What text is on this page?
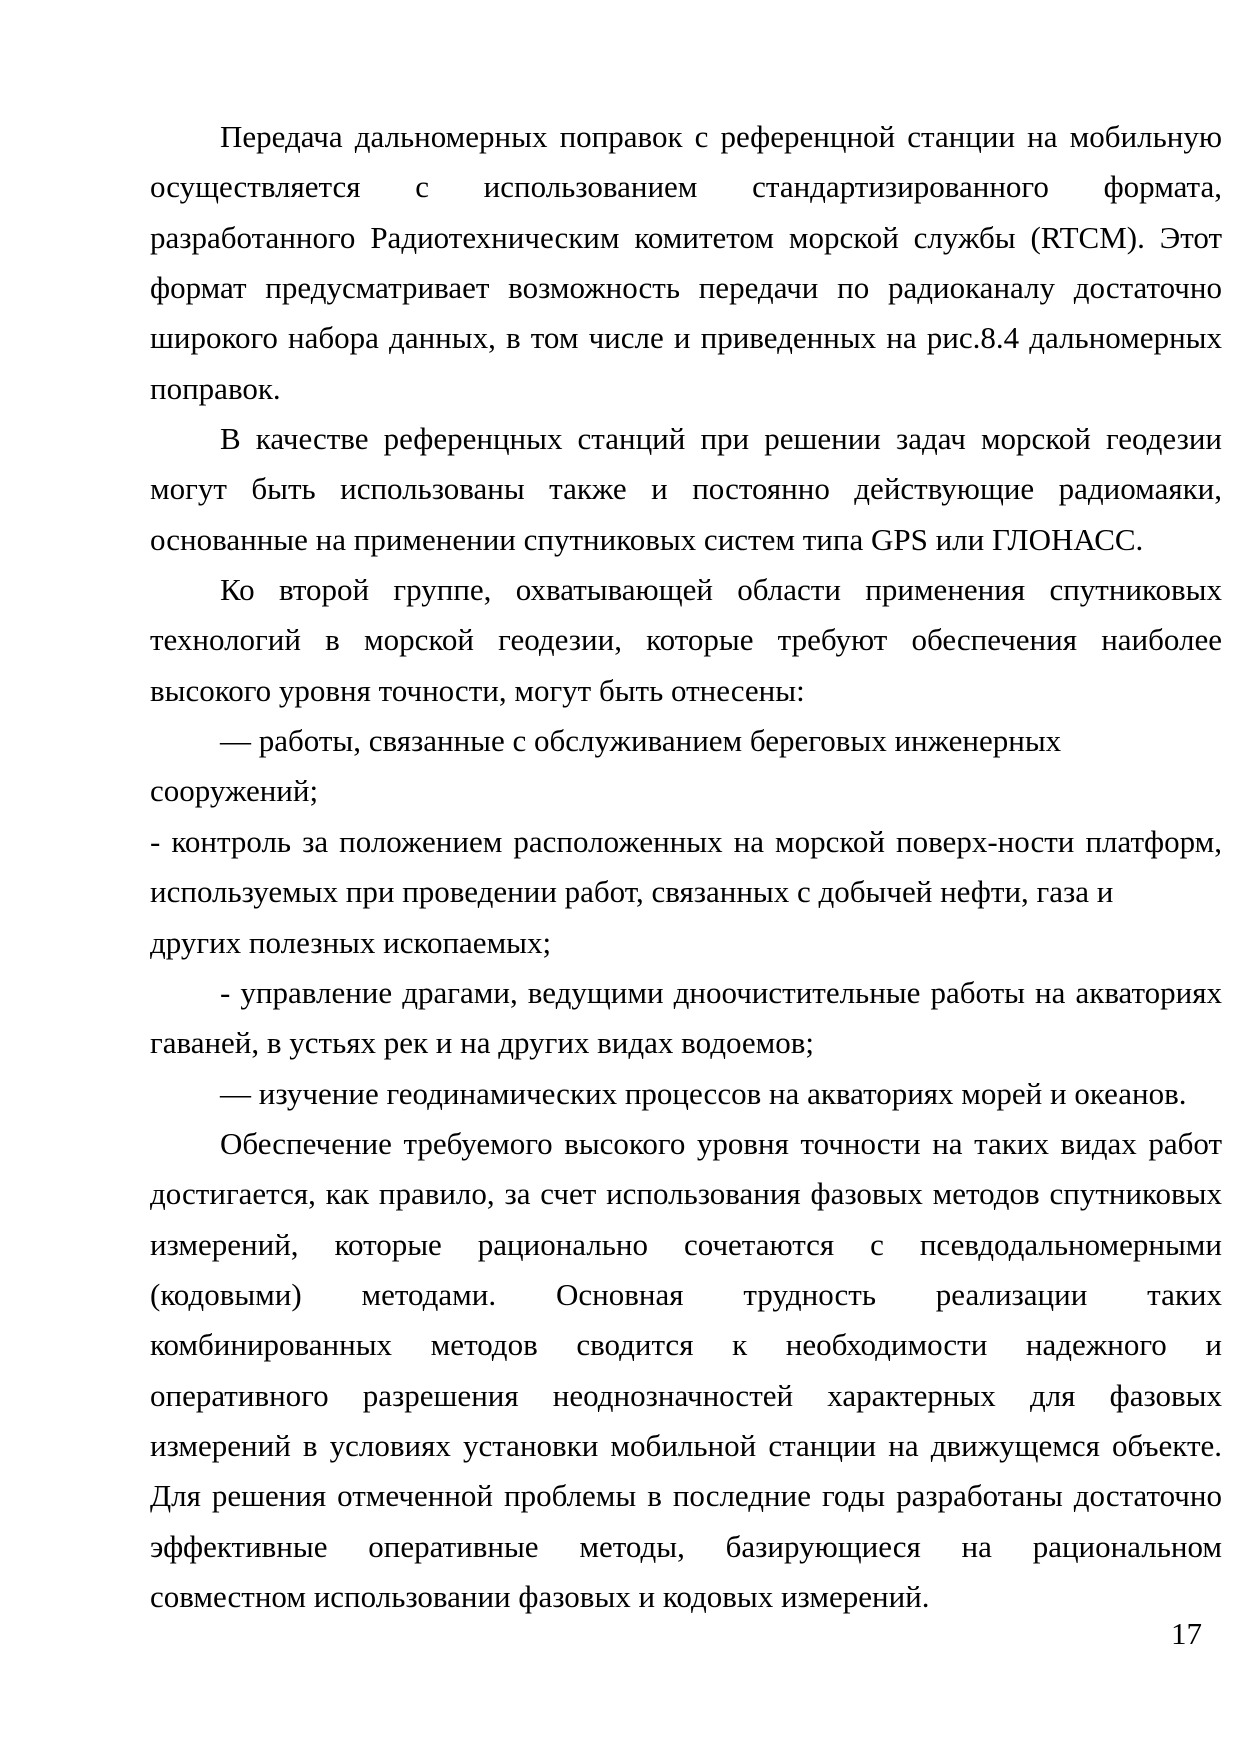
Передача дальномерных поправок с референцной станции на мобильную
осуществляется с использованием стандартизированного формата,
разработанного Радиотехническим комитетом морской службы (RTCM). Этот
формат предусматривает возможность передачи по радиоканалу достаточно
широкого набора данных, в том числе и приведенных на рис.8.4 дальномерных
поправок.
В качестве референцных станций при решении задач морской геодезии
могут быть использованы также и постоянно действующие радиомаяки,
основанные на применении спутниковых систем типа GPS или ГЛОНАСС.
Ко второй группе, охватывающей области применения спутниковых
технологий в морской геодезии, которые требуют обеспечения наиболее
высокого уровня точности, могут быть отнесены:
— работы, связанные с обслуживанием береговых инженерных
сооружений;
- контроль за положением расположенных на морской поверх-ности платформ,
используемых при проведении работ, связанных с добычей нефти, газа и
других полезных ископаемых;
- управление драгами, ведущими дноочистительные работы на акваториях
гаваней, в устьях рек и на других видах водоемов;
— изучение геодинамических процессов на акваториях морей и океанов.
Обеспечение требуемого высокого уровня точности на таких видах работ
достигается, как правило, за счет использования фазовых методов спутниковых
измерений, которые рационально сочетаются с псевдодальномерными
(кодовыми) методами. Основная трудность реализации таких
комбинированных методов сводится к необходимости надежного и
оперативного разрешения неоднозначностей характерных для фазовых
измерений в условиях установки мобильной станции на движущемся объекте.
Для решения отмеченной проблемы в последние годы разработаны достаточно
эффективные оперативные методы, базирующиеся на рациональном
совместном использовании фазовых и кодовых измерений.
17
